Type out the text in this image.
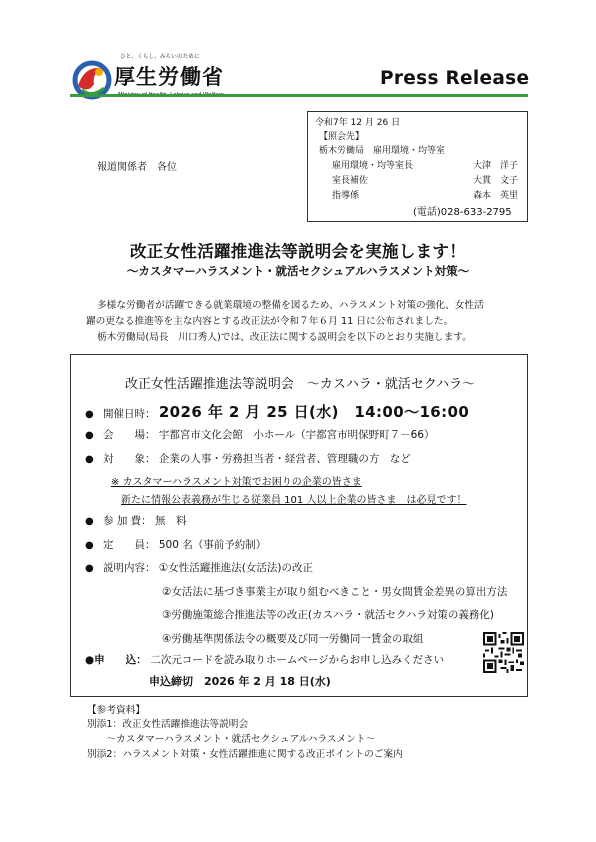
ひと、くらし、みらいのために
厚生労働省	Press Release
令和7年 12 月 26 日
【照会先】
栃木労働局　雇用環境・均等室
雇用環境・均等室長	大津　洋子
室長補佐	大貫　文子
指導係	森本　英里
(電話)028-633-2795
報道関係者　各位
改正女性活躍推進法等説明会を実施します！
～カスタマーハラスメント・就活セクシュアルハラスメント対策～
多様な労働者が活躍できる就業環境の整備を図るため、ハラスメント対策の強化、女性活
躍の更なる推進等を主な内容とする改正法が令和７年６月 11 日に公布されました。
栃木労働局(局長　川口秀人)では、改正法に関する説明会を以下のとおり実施します。
改正女性活躍推進法等説明会　～カスハラ・就活セクハラ～
● 開催日時： 2026 年 2 月 25 日(水)　14:00～16:00
● 会　　場： 宇都宮市文化会館　小ホール（宇都宮市明保野町７－66）
● 対　　象： 企業の人事・労務担当者・経営者、管理職の方　など
※ カスタマーハラスメント対策でお困りの企業の皆さま
新たに情報公表義務が生じる従業員 101 人以上企業の皆さま　は必見です！
● 参 加 費： 無　料
● 定　　員： 500 名（事前予約制）
● 説明内容： ①女性活躍推進法(女活法)の改正
②女活法に基づき事業主が取り組むべきこと・男女間賃金差異の算出方法
③労働施策総合推進法等の改正(カスハラ・就活セクハラ対策の義務化)
④労働基準関係法令の概要及び同一労働同一賃金の取組
●申　　込： 二次元コードを読み取りホームページからお申し込みください
申込締切　2026 年 2 月 18 日(水)
【参考資料】
別添1：改正女性活躍推進法等説明会
　　～カスタマーハラスメント・就活セクシュアルハラスメント～
別添2：ハラスメント対策・女性活躍推進に関する改正ポイントのご案内
